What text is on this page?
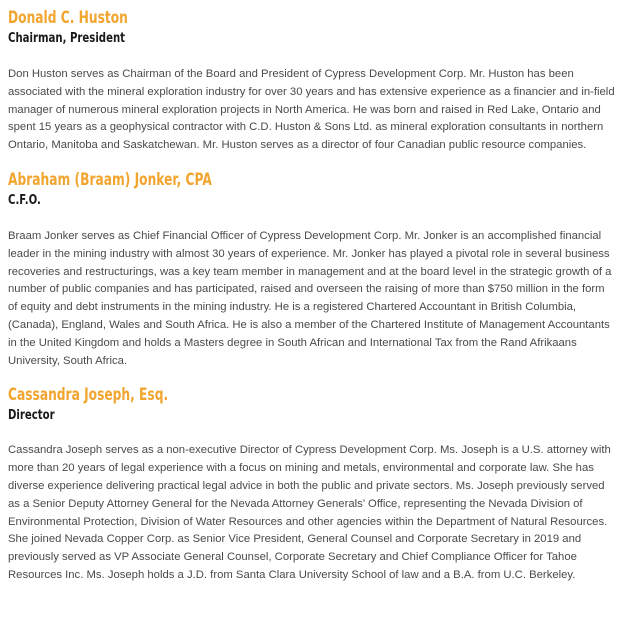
Donald C. Huston
Chairman, President

Don Huston serves as Chairman of the Board and President of Cypress Development Corp. Mr. Huston has been associated with the mineral exploration industry for over 30 years and has extensive experience as a financier and in-field manager of numerous mineral exploration projects in North America. He was born and raised in Red Lake, Ontario and spent 15 years as a geophysical contractor with C.D. Huston & Sons Ltd. as mineral exploration consultants in northern Ontario, Manitoba and Saskatchewan. Mr. Huston serves as a director of four Canadian public resource companies.

Abraham (Braam) Jonker, CPA
C.F.O.

Braam Jonker serves as Chief Financial Officer of Cypress Development Corp. Mr. Jonker is an accomplished financial leader in the mining industry with almost 30 years of experience. Mr. Jonker has played a pivotal role in several business recoveries and restructurings, was a key team member in management and at the board level in the strategic growth of a number of public companies and has participated, raised and overseen the raising of more than $750 million in the form of equity and debt instruments in the mining industry. He is a registered Chartered Accountant in British Columbia, (Canada), England, Wales and South Africa. He is also a member of the Chartered Institute of Management Accountants in the United Kingdom and holds a Masters degree in South African and International Tax from the Rand Afrikaans University, South Africa.

Cassandra Joseph, Esq.
Director

Cassandra Joseph serves as a non-executive Director of Cypress Development Corp. Ms. Joseph is a U.S. attorney with more than 20 years of legal experience with a focus on mining and metals, environmental and corporate law. She has diverse experience delivering practical legal advice in both the public and private sectors. Ms. Joseph previously served as a Senior Deputy Attorney General for the Nevada Attorney Generals’ Office, representing the Nevada Division of Environmental Protection, Division of Water Resources and other agencies within the Department of Natural Resources. She joined Nevada Copper Corp. as Senior Vice President, General Counsel and Corporate Secretary in 2019 and previously served as VP Associate General Counsel, Corporate Secretary and Chief Compliance Officer for Tahoe Resources Inc. Ms. Joseph holds a J.D. from Santa Clara University School of law and a B.A. from U.C. Berkeley.
